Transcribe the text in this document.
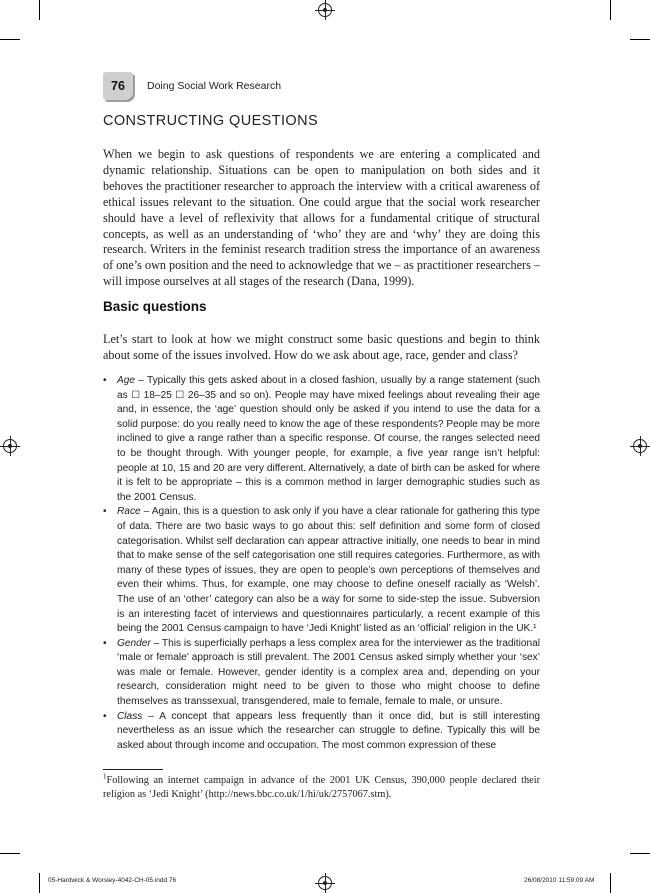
76 Doing Social Work Research
CONSTRUCTING QUESTIONS

When we begin to ask questions of respondents we are entering a complicated and dynamic relationship. Situations can be open to manipulation on both sides and it behoves the practitioner researcher to approach the interview with a critical awareness of ethical issues relevant to the situation. One could argue that the social work researcher should have a level of reflexivity that allows for a fundamental critique of structural concepts, as well as an understanding of ‘who’ they are and ‘why’ they are doing this research. Writers in the feminist research tradition stress the importance of an awareness of one’s own position and the need to acknowledge that we – as practitioner researchers – will impose ourselves at all stages of the research (Dana, 1999).

Basic questions

Let’s start to look at how we might construct some basic questions and begin to think about some of the issues involved. How do we ask about age, race, gender and class?

• Age – Typically this gets asked about in a closed fashion, usually by a range statement (such as ☐ 18–25 ☐ 26–35 and so on). People may have mixed feelings about revealing their age and, in essence, the ‘age’ question should only be asked if you intend to use the data for a solid purpose: do you really need to know the age of these respondents? People may be more inclined to give a range rather than a specific response. Of course, the ranges selected need to be thought through. With younger people, for example, a five year range isn’t helpful: people at 10, 15 and 20 are very different. Alternatively, a date of birth can be asked for where it is felt to be appropriate – this is a common method in larger demographic studies such as the 2001 Census.
• Race – Again, this is a question to ask only if you have a clear rationale for gathering this type of data. There are two basic ways to go about this: self definition and some form of closed categorisation. Whilst self declaration can appear attractive initially, one needs to bear in mind that to make sense of the self categorisation one still requires categories. Furthermore, as with many of these types of issues, they are open to people’s own perceptions of themselves and even their whims. Thus, for example, one may choose to define oneself racially as ‘Welsh’. The use of an ‘other’ category can also be a way for some to side-step the issue. Subversion is an interesting facet of interviews and questionnaires particularly, a recent example of this being the 2001 Census campaign to have ‘Jedi Knight’ listed as an ‘official’ religion in the UK.¹
• Gender – This is superficially perhaps a less complex area for the interviewer as the traditional ‘male or female’ approach is still prevalent. The 2001 Census asked simply whether your ‘sex’ was male or female. However, gender identity is a complex area and, depending on your research, consideration might need to be given to those who might choose to define themselves as transsexual, transgendered, male to female, female to male, or unsure.
• Class – A concept that appears less frequently than it once did, but is still interesting nevertheless as an issue which the researcher can struggle to define. Typically this will be asked about through income and occupation. The most common expression of these

$^1$Following an internet campaign in advance of the 2001 UK Census, 390,000 people declared their religion as ‘Jedi Knight’ (http://news.bbc.co.uk/1/hi/uk/2757067.stm).

05-Hardwick & Worsley-4042-CH-05.indd 76	26/08/2010 11:59:09 AM
